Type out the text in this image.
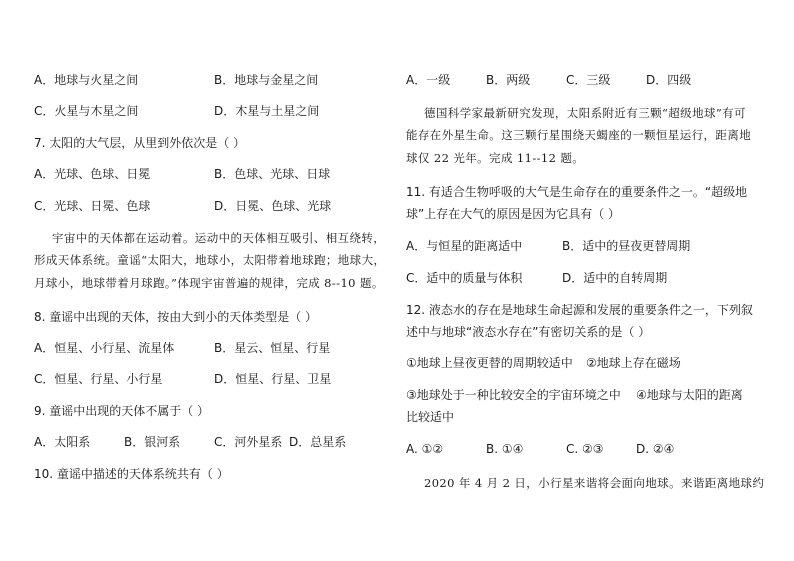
A．地球与火星之间	B．地球与金星之间
C．火星与木星之间	D．木星与土星之间
7. 太阳的大气层，从里到外依次是（ ）
A．光球、色球、日冕	B．色球、光球、日球
C．光球、日冕、色球	D．日冕、色球、光球
宇宙中的天体都在运动着。运动中的天体相互吸引、相互绕转，
形成天体系统。童谣“太阳大，地球小，太阳带着地球跑；地球大，
月球小，地球带着月球跑。”体现宇宙普遍的规律，完成 8--10 题。
8. 童谣中出现的天体，按由大到小的天体类型是（ ）
A．恒星、小行星、流星体	B．星云、恒星、行星
C．恒星、行星、小行星	D．恒星、行星、卫星
9. 童谣中出现的天体不属于（ ）
A．太阳系	B．银河系	C．河外星系 D．总星系
10. 童谣中描述的天体系统共有（ ）
A．一级	B．两级	C．三级	D．四级
德国科学家最新研究发现，太阳系附近有三颗“超级地球”有可
能存在外星生命。这三颗行星围绕天蝎座的一颗恒星运行，距离地
球仅 22 光年。完成 11--12 题。
11. 有适合生物呼吸的大气是生命存在的重要条件之一。“超级地
球”上存在大气的原因是因为它具有（ ）
A．与恒星的距离适中	B．适中的昼夜更替周期
C．适中的质量与体积	D．适中的自转周期
12. 液态水的存在是地球生命起源和发展的重要条件之一，下列叙
述中与地球“液态水存在”有密切关系的是（ ）
①地球上昼夜更替的周期较适中 ②地球上存在磁场
③地球处于一种比较安全的宇宙环境之中 ④地球与太阳的距离
比较适中
A. ①②	B. ①④	C. ②③	D. ②④
2020 年 4 月 2 日，小行星来谐将会面向地球。来谐距离地球约
